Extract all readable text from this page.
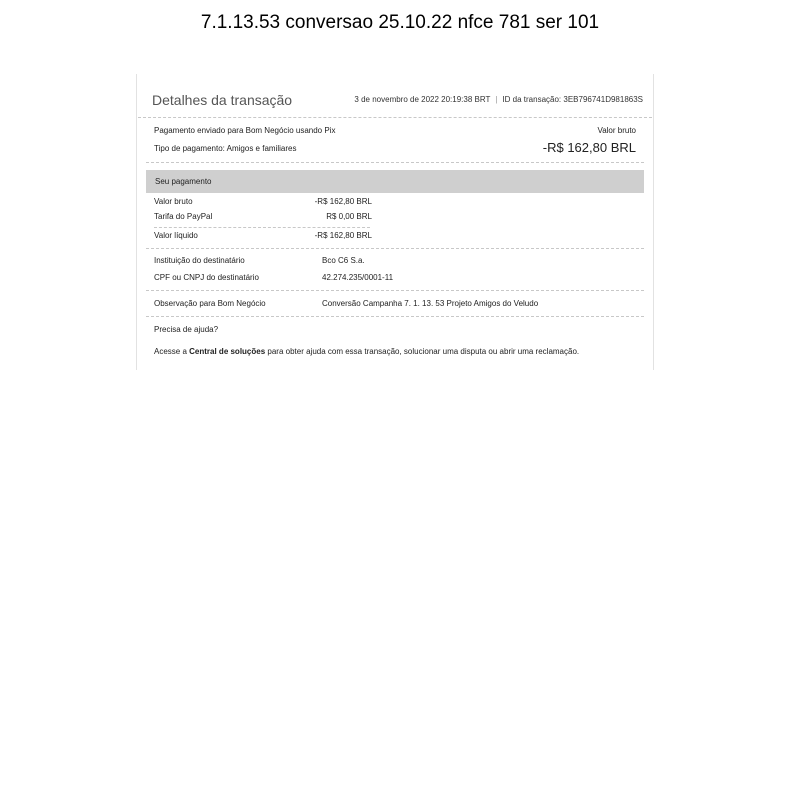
7.1.13.53 conversao 25.10.22 nfce 781 ser 101
Detalhes da transação	3 de novembro de 2022 20:19:38 BRT | ID da transação: 3EB796741D981863S
Pagamento enviado para Bom Negócio usando Pix	Valor bruto
Tipo de pagamento: Amigos e familiares	-R$ 162,80 BRL
Seu pagamento
Valor bruto	-R$ 162,80 BRL
Tarifa do PayPal	R$ 0,00 BRL
Valor líquido	-R$ 162,80 BRL
Instituição do destinatário	Bco C6 S.a.
CPF ou CNPJ do destinatário	42.274.235/0001-11
Observação para Bom Negócio	Conversão Campanha 7. 1. 13. 53 Projeto Amigos do Veludo
Precisa de ajuda?
Acesse a Central de soluções para obter ajuda com essa transação, solucionar uma disputa ou abrir uma reclamação.
